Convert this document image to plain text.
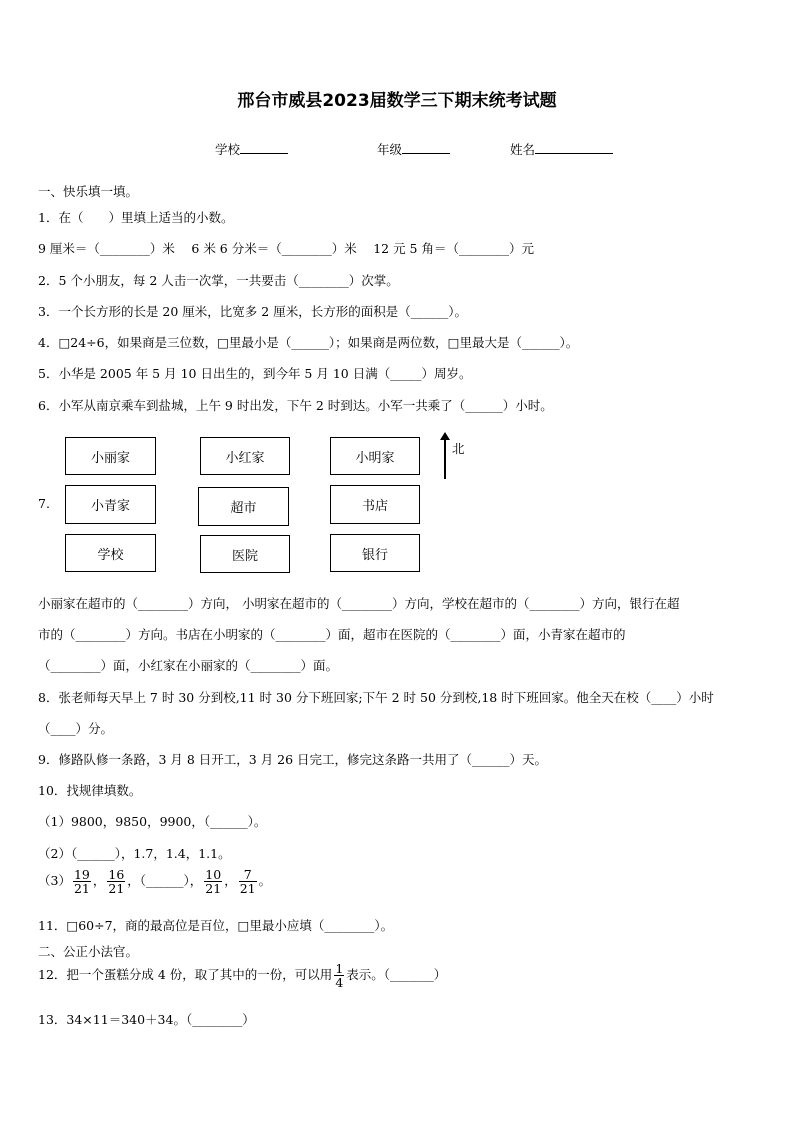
邢台市威县2023届数学三下期末统考试题
学校	年级	姓名
一、快乐填一填。
1．在（　　）里填上适当的小数。
9 厘米＝（________）米　 6 米 6 分米＝（________）米　 12 元 5 角＝（________）元
2．5 个小朋友，每 2 人击一次掌，一共要击（________）次掌。
3．一个长方形的长是 20 厘米，比宽多 2 厘米，长方形的面积是（______）。
4．□24÷6，如果商是三位数，□里最小是（______）；如果商是两位数，□里最大是（______）。
5．小华是 2005 年 5 月 10 日出生的，到今年 5 月 10 日满（_____）周岁。
6．小军从南京乘车到盐城，上午 9 时出发，下午 2 时到达。小军一共乘了（______）小时。
7.
小丽家	小红家	小明家
小青家	超市	书店
学校	医院	银行
北
小丽家在超市的（________）方向， 小明家在超市的（________）方向，学校在超市的（________）方向，银行在超
市的（________）方向。书店在小明家的（________）面，超市在医院的（________）面，小青家在超市的
（________）面，小红家在小丽家的（________）面。
8．张老师每天早上 7 时 30 分到校,11 时 30 分下班回家;下午 2 时 50 分到校,18 时下班回家。他全天在校（____）小时
（____）分。
9．修路队修一条路，3 月 8 日开工，3 月 26 日完工，修完这条路一共用了（______）天。
10．找规律填数。
（1）9800，9850，9900，（______）。
（2）（______），1.7，1.4，1.1。
$(3) \frac{19}{21}$ ， $\frac{16}{21}$ ，（______）， $\frac{10}{21}$ ， $\frac{7}{21}$ 。
11．□60÷7，商的最高位是百位，□里最小应填（________）。
二、公正小法官。
12．把一个蛋糕分成 4 份，取了其中的一份，可以用 $\frac{1}{4}$ 表示。（_______）
13．34×11＝340＋34。（________）
